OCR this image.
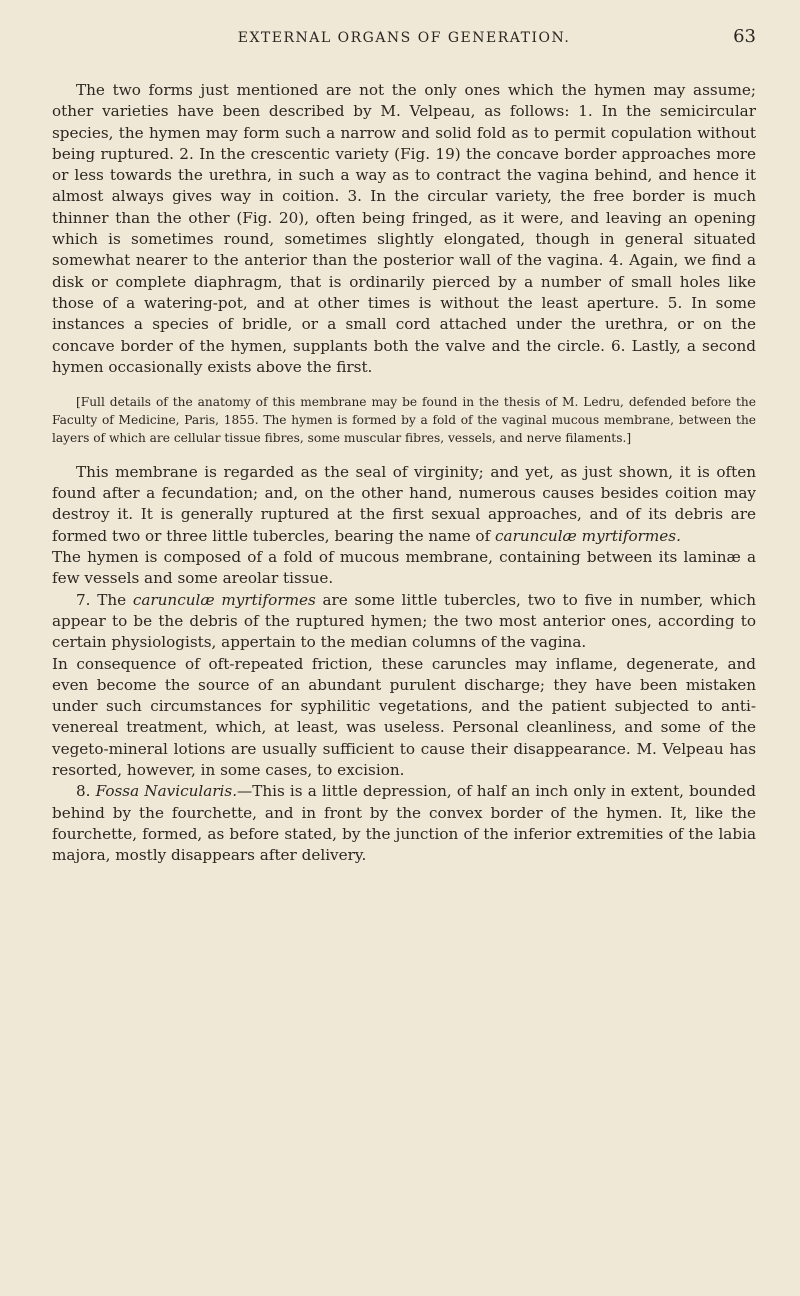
EXTERNAL ORGANS OF GENERATION.	63

The two forms just mentioned are not the only ones which the hymen may assume; other varieties have been described by M. Velpeau, as follows: 1. In the semicircular species, the hymen may form such a narrow and solid fold as to permit copulation without being ruptured. 2. In the crescentic variety (Fig. 19) the concave border approaches more or less towards the urethra, in such a way as to contract the vagina behind, and hence it almost always gives way in coition. 3. In the circular variety, the free border is much thinner than the other (Fig. 20), often being fringed, as it were, and leaving an opening which is sometimes round, sometimes slightly elongated, though in general situated somewhat nearer to the anterior than the posterior wall of the vagina. 4. Again, we find a disk or complete diaphragm, that is ordinarily pierced by a number of small holes like those of a watering-pot, and at other times is without the least aperture. 5. In some instances a species of bridle, or a small cord attached under the urethra, or on the concave border of the hymen, supplants both the valve and the circle. 6. Lastly, a second hymen occasionally exists above the first.

[Full details of the anatomy of this membrane may be found in the thesis of M. Ledru, defended before the Faculty of Medicine, Paris, 1855. The hymen is formed by a fold of the vaginal mucous membrane, between the layers of which are cellular tissue fibres, some muscular fibres, vessels, and nerve filaments.]

This membrane is regarded as the seal of virginity; and yet, as just shown, it is often found after a fecundation; and, on the other hand, numerous causes besides coition may destroy it. It is generally ruptured at the first sexual approaches, and of its debris are formed two or three little tubercles, bearing the name of carunculæ myrtiformes.

The hymen is composed of a fold of mucous membrane, containing between its laminæ a few vessels and some areolar tissue.

7. The carunculæ myrtiformes are some little tubercles, two to five in number, which appear to be the debris of the ruptured hymen; the two most anterior ones, according to certain physiologists, appertain to the median columns of the vagina.

In consequence of oft-repeated friction, these caruncles may inflame, degenerate, and even become the source of an abundant purulent discharge; they have been mistaken under such circumstances for syphilitic vegetations, and the patient subjected to anti-venereal treatment, which, at least, was useless. Personal cleanliness, and some of the vegeto-mineral lotions are usually sufficient to cause their disappearance. M. Velpeau has resorted, however, in some cases, to excision.

8. Fossa Navicularis.—This is a little depression, of half an inch only in extent, bounded behind by the fourchette, and in front by the convex border of the hymen. It, like the fourchette, formed, as before stated, by the junction of the inferior extremities of the labia majora, mostly disappears after delivery.
